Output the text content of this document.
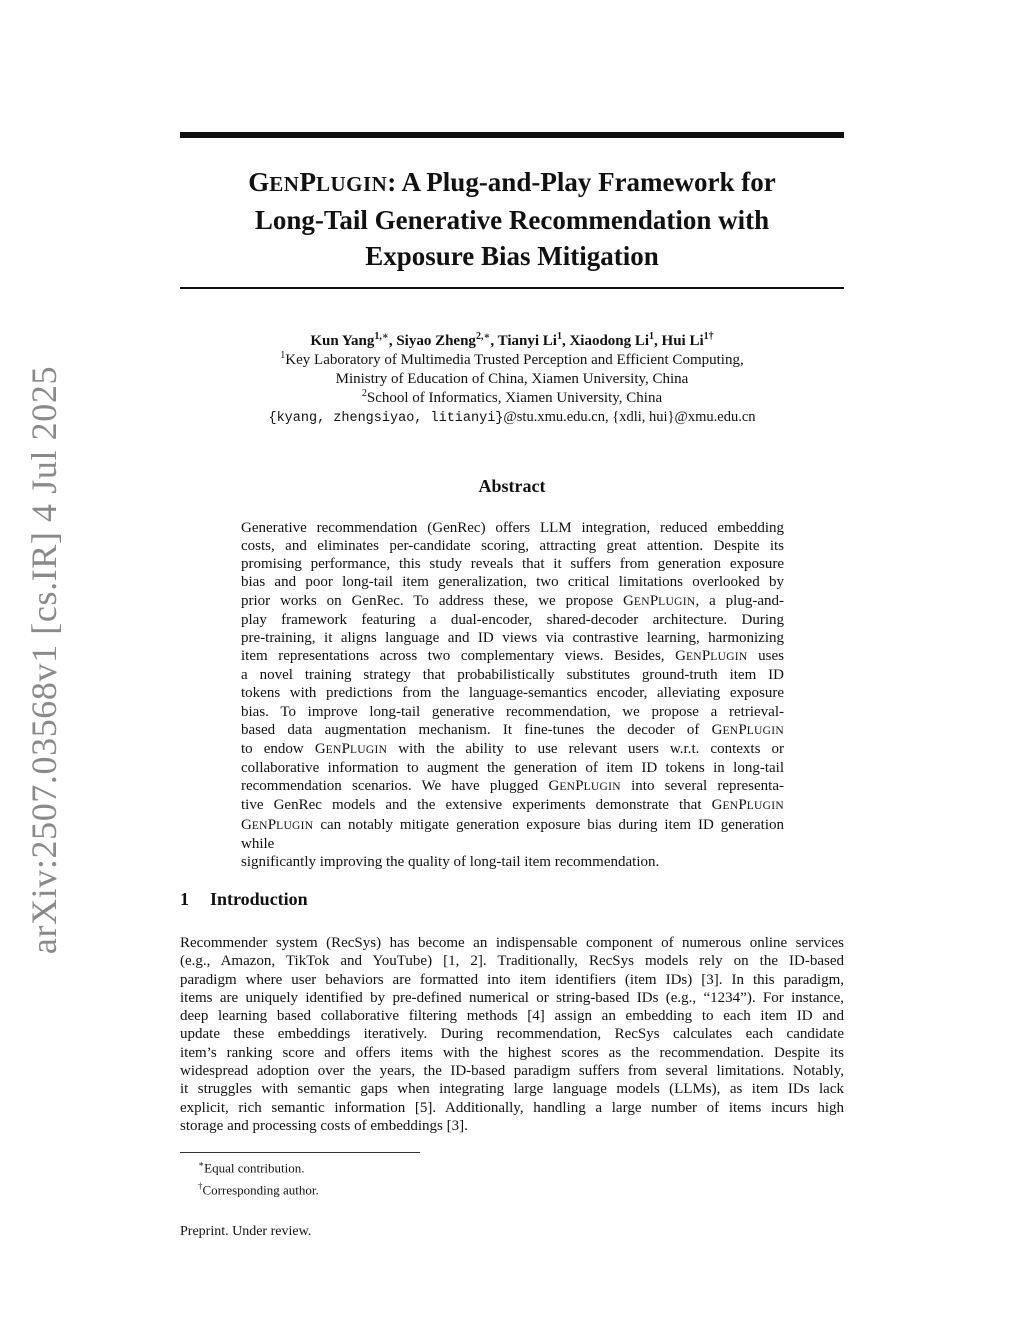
arXiv:2507.03568v1 [cs.IR] 4 Jul 2025
GENPLUGIN: A Plug-and-Play Framework for
Long-Tail Generative Recommendation with
Exposure Bias Mitigation
Kun Yang$^{1,∗}$, Siyao Zheng$^{2,∗}$, Tianyi Li$^1$, Xiaodong Li$^1$, Hui $Li^{1\dagger}$
$^1$Key Laboratory of Multimedia Trusted Perception and Efficient Computing,
Ministry of Education of China, Xiamen University, China
$^2$School of Informatics, Xiamen University, China
{kyang, zhengsiyao, litianyi}@stu.xmu.edu.cn, {xdli, hui}@xmu.edu.cn
Abstract
Generative recommendation (GenRec) offers LLM integration, reduced embedding
costs, and eliminates per-candidate scoring, attracting great attention. Despite its
promising performance, this study reveals that it suffers from generation exposure
bias and poor long-tail item generalization, two critical limitations overlooked by
prior works on GenRec. To address these, we propose GENPLUGIN, a plug-and-
play framework featuring a dual-encoder, shared-decoder architecture. During
pre-training, it aligns language and ID views via contrastive learning, harmonizing
item representations across two complementary views. Besides, GENPLUGIN uses
a novel training strategy that probabilistically substitutes ground-truth item ID
tokens with predictions from the language-semantics encoder, alleviating exposure
bias. To improve long-tail generative recommendation, we propose a retrieval-
based data augmentation mechanism. It fine-tunes the decoder of GENPLUGIN
to endow GENPLUGIN with the ability to use relevant users w.r.t. contexts or
collaborative information to augment the generation of item ID tokens in long-tail
recommendation scenarios. We have plugged GENPLUGIN into several representa-
tive GenRec models and the extensive experiments demonstrate that GENPLUGIN
GENPLUGIN can notably mitigate generation exposure bias during item ID generation while
significantly improving the quality of long-tail item recommendation.
1 Introduction
Recommender system (RecSys) has become an indispensable component of numerous online services
(e.g., Amazon, TikTok and YouTube) [1, 2]. Traditionally, RecSys models rely on the ID-based
paradigm where user behaviors are formatted into item identifiers (item IDs) [3]. In this paradigm,
items are uniquely identified by pre-defined numerical or string-based IDs (e.g., “1234”). For instance,
deep learning based collaborative filtering methods [4] assign an embedding to each item ID and
update these embeddings iteratively. During recommendation, RecSys calculates each candidate
item’s ranking score and offers items with the highest scores as the recommendation. Despite its
widespread adoption over the years, the ID-based paradigm suffers from several limitations. Notably,
it struggles with semantic gaps when integrating large language models (LLMs), as item IDs lack
explicit, rich semantic information [5]. Additionally, handling a large number of items incurs high
storage and processing costs of embeddings [3].
∗Equal contribution.
†Corresponding author.
Preprint. Under review.
